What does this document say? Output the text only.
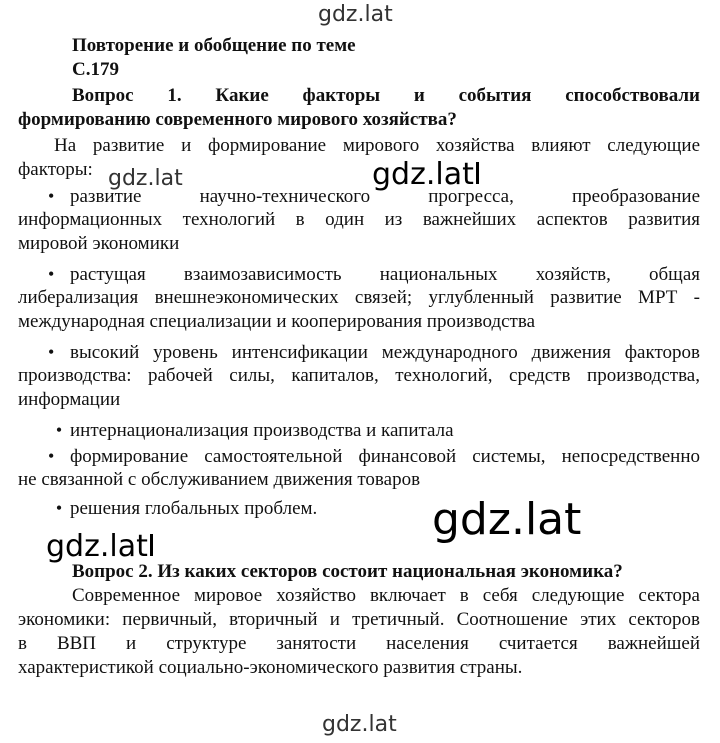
Повторение и обобщение по теме
С.179
Вопрос 1. Какие факторы и события способствовали
формированию современного мирового хозяйства?
На развитие и формирование мирового хозяйства влияют следующие
факторы:
• развитие научно-технического прогресса, преобразование
информационных технологий в один из важнейших аспектов развития
мировой экономики
• растущая взаимозависимость национальных хозяйств, общая
либерализация внешнеэкономических связей; углубленный развитие МРТ -
международная специализации и кооперирования производства
• высокий уровень интенсификации международного движения факторов
производства: рабочей силы, капиталов, технологий, средств производства,
информации
• интернационализация производства и капитала
• формирование самостоятельной финансовой системы, непосредственно
не связанной с обслуживанием движения товаров
• решения глобальных проблем.
Вопрос 2. Из каких секторов состоит национальная экономика?
Современное мировое хозяйство включает в себя следующие сектора
экономики: первичный, вторичный и третичный. Соотношение этих секторов
в ВВП и структуре занятости населения считается важнейшей
характеристикой социально-экономического развития страны.
gdz.lat
gdz.lat	gdz.lat
gdz.lat
gdz.lat
gdz.lat
